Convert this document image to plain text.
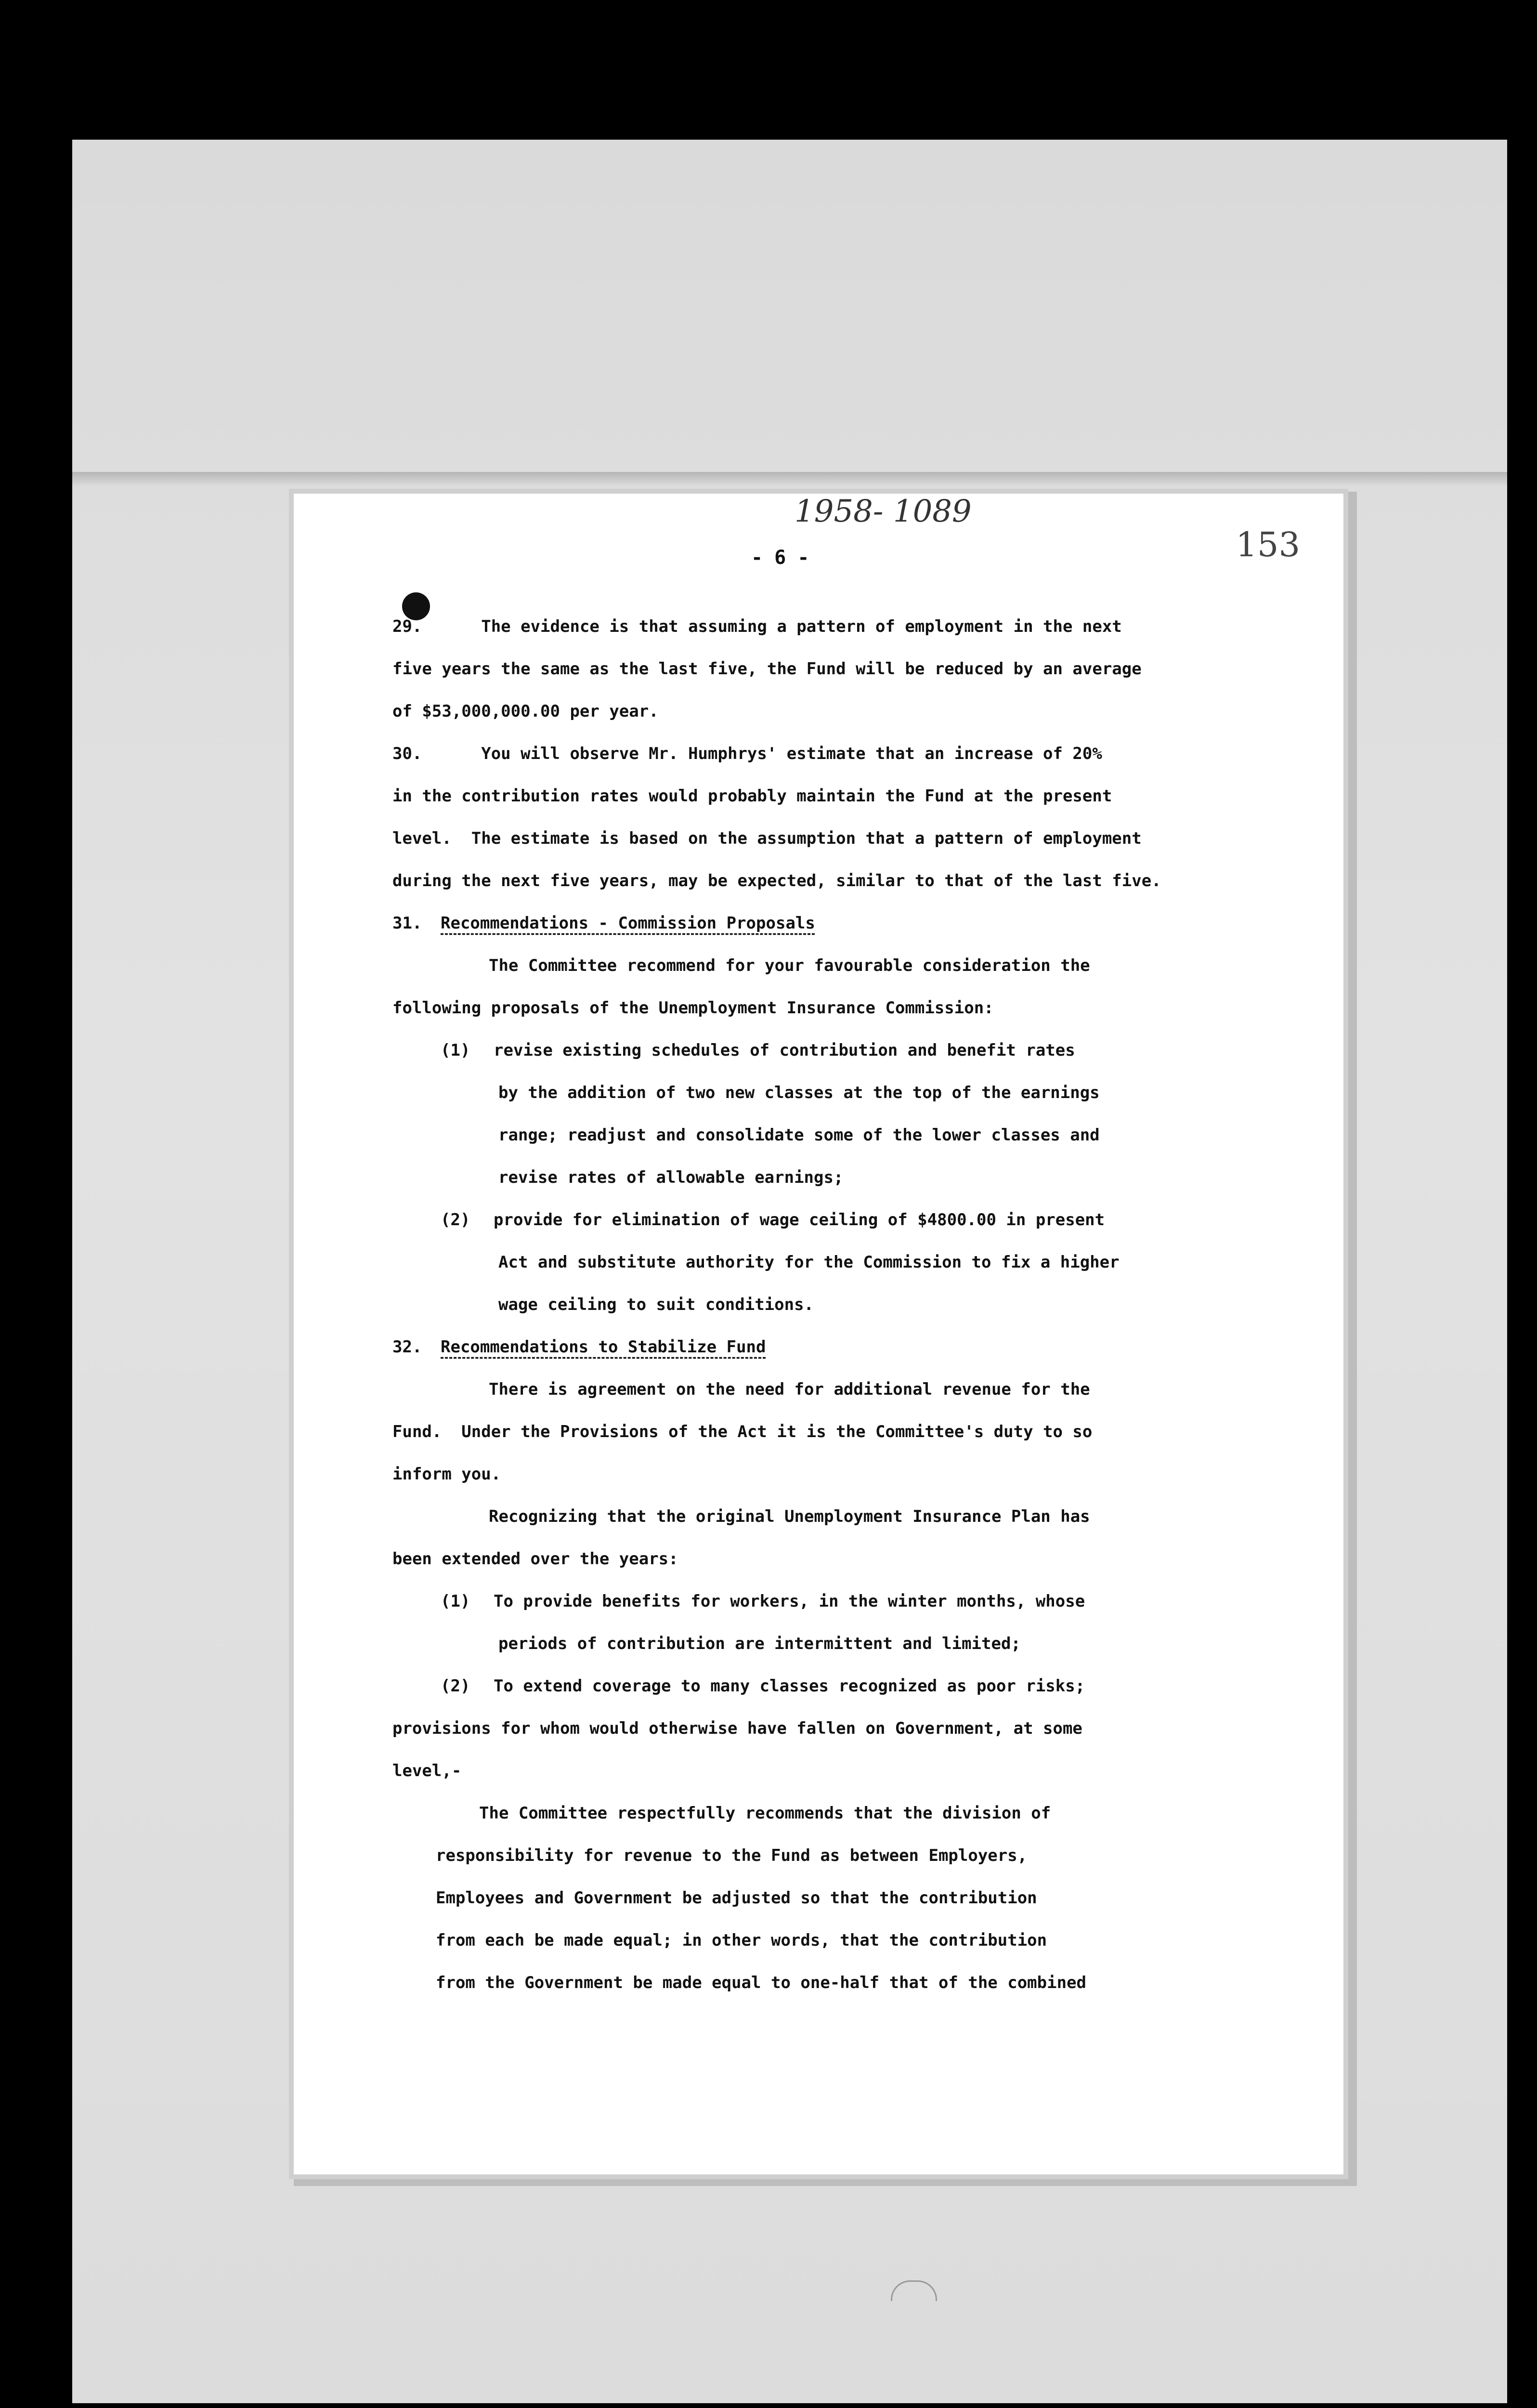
1958- 1089
153
- 6 -
29.      The evidence is that assuming a pattern of employment in the next
five years the same as the last five, the Fund will be reduced by an average
of $53,000,000.00 per year.
30.      You will observe Mr. Humphrys' estimate that an increase of 20%
in the contribution rates would probably maintain the Fund at the present
level.  The estimate is based on the assumption that a pattern of employment
during the next five years, may be expected, similar to that of the last five.
31. Recommendations - Commission Proposals
The Committee recommend for your favourable consideration the
following proposals of the Unemployment Insurance Commission:
(1) revise existing schedules of contribution and benefit rates
by the addition of two new classes at the top of the earnings
range; readjust and consolidate some of the lower classes and
revise rates of allowable earnings;
(2) provide for elimination of wage ceiling of $4800.00 in present
Act and substitute authority for the Commission to fix a higher
wage ceiling to suit conditions.
32. Recommendations to Stabilize Fund
There is agreement on the need for additional revenue for the
Fund.  Under the Provisions of the Act it is the Committee's duty to so
inform you.
Recognizing that the original Unemployment Insurance Plan has
been extended over the years:
(1) To provide benefits for workers, in the winter months, whose
periods of contribution are intermittent and limited;
(2) To extend coverage to many classes recognized as poor risks;
provisions for whom would otherwise have fallen on Government, at some
level,-
The Committee respectfully recommends that the division of
responsibility for revenue to the Fund as between Employers,
Employees and Government be adjusted so that the contribution
from each be made equal; in other words, that the contribution
from the Government be made equal to one-half that of the combined
